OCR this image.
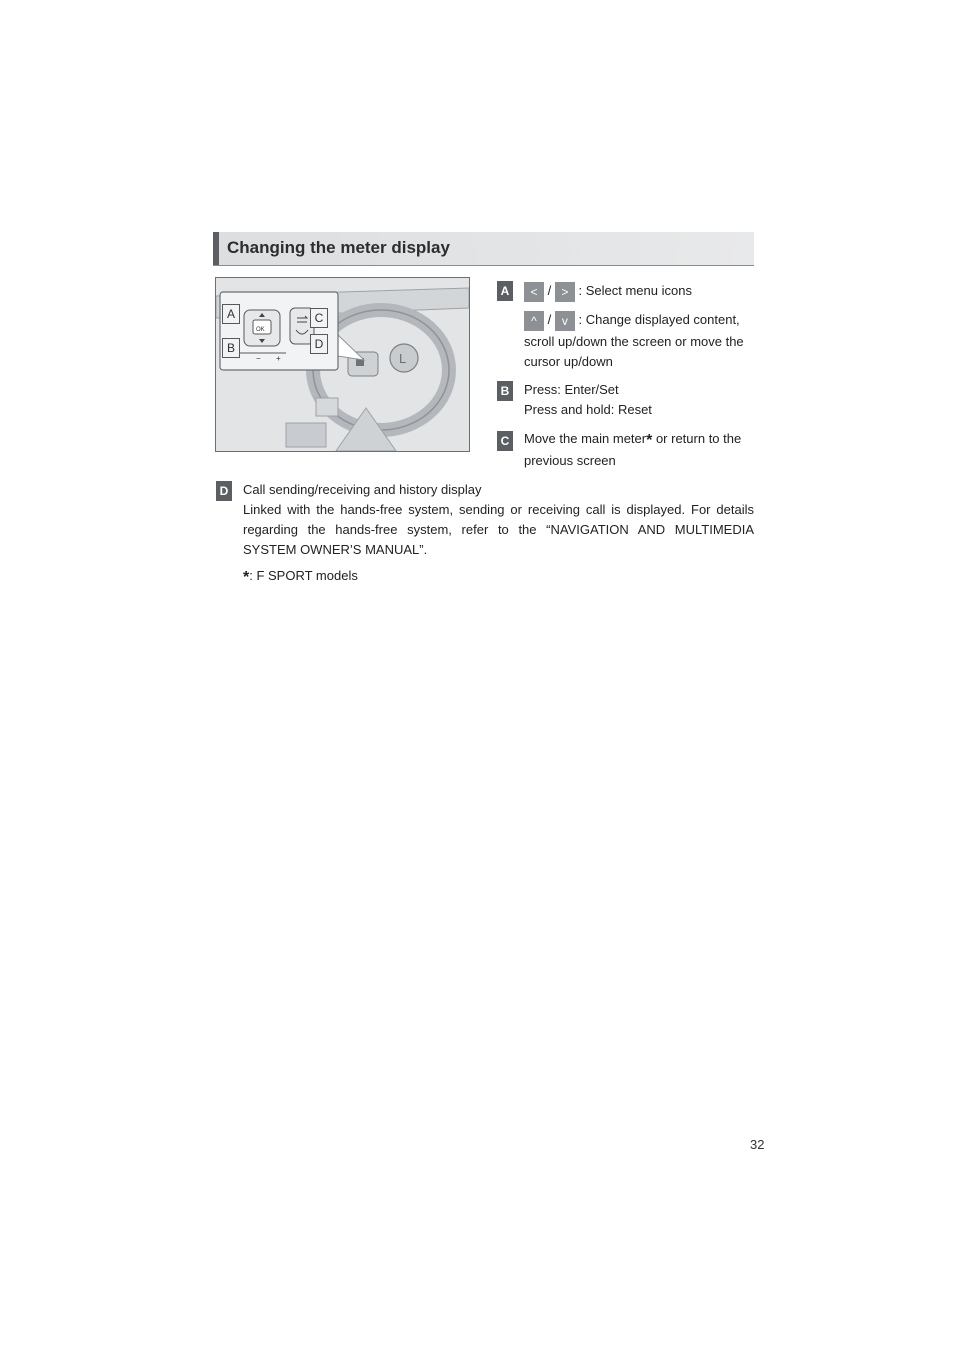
Changing the meter display
L
OK
− +
A
B
C
D
A	< / > : Select menu icons
^ / v : Change displayed content,
scroll up/down the screen or move the
cursor up/down
B Press: Enter/Set
Press and hold: Reset
C Move the main meter* or return to the
previous screen
D Call sending/receiving and history display
Linked with the hands-free system, sending or receiving call is displayed. For details regarding the hands-free system, refer to the “NAVIGATION AND MULTIMEDIA SYSTEM OWNER’S MANUAL”.
*: F SPORT models
32
